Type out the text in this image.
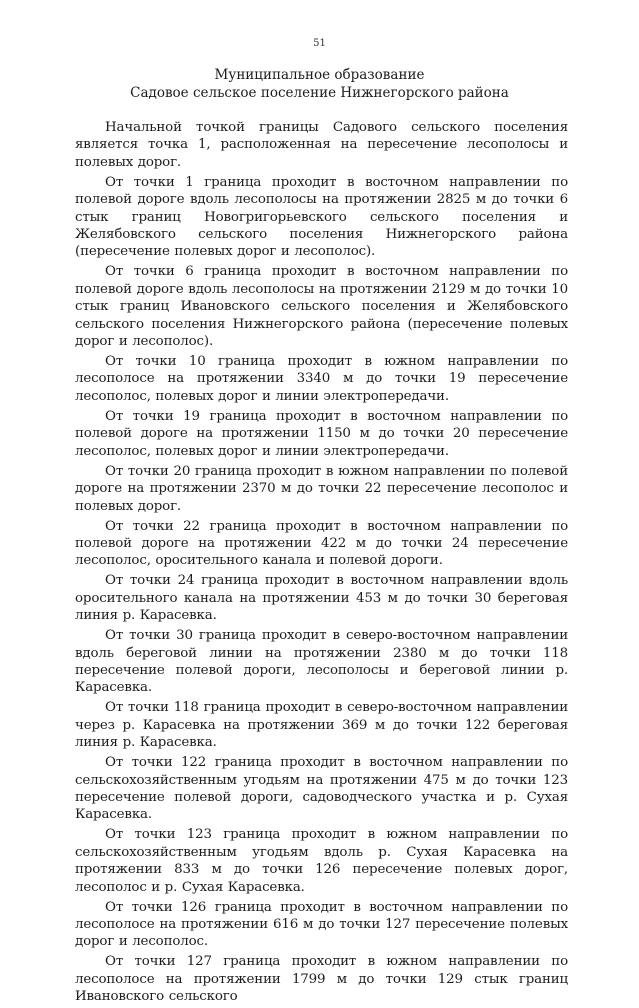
51
Муниципальное образование
Садовое сельское поселение Нижнегорского района

Начальной точкой границы Садового сельского поселения является точка 1, расположенная на пересечение лесополосы и полевых дорог.

От точки 1 граница проходит в восточном направлении по полевой дороге вдоль лесополосы на протяжении 2825 м до точки 6 стык границ Новогригорьевского сельского поселения и Желябовского сельского поселения Нижнегорского района (пересечение полевых дорог и лесополос).

От точки 6 граница проходит в восточном направлении по полевой дороге вдоль лесополосы на протяжении 2129 м до точки 10 стык границ Ивановского сельского поселения и Желябовского сельского поселения Нижнегорского района (пересечение полевых дорог и лесополос).

От точки 10 граница проходит в южном направлении по лесополосе на протяжении 3340 м до точки 19 пересечение лесополос, полевых дорог и линии электропередачи.

От точки 19 граница проходит в восточном направлении по полевой дороге на протяжении 1150 м до точки 20 пересечение лесополос, полевых дорог и линии электропередачи.

От точки 20 граница проходит в южном направлении по полевой дороге на протяжении 2370 м до точки 22 пересечение лесополос и полевых дорог.

От точки 22 граница проходит в восточном направлении по полевой дороге на протяжении 422 м до точки 24 пересечение лесополос, оросительного канала и полевой дороги.

От точки 24 граница проходит в восточном направлении вдоль оросительного канала на протяжении 453 м до точки 30 береговая линия р. Карасевка.

От точки 30 граница проходит в северо-восточном направлении вдоль береговой линии на протяжении 2380 м до точки 118 пересечение полевой дороги, лесополосы и береговой линии р. Карасевка.

От точки 118 граница проходит в северо-восточном направлении через р. Карасевка на протяжении 369 м до точки 122 береговая линия р. Карасевка.

От точки 122 граница проходит в восточном направлении по сельскохозяйственным угодьям на протяжении 475 м до точки 123 пересечение полевой дороги, садоводческого участка и р. Сухая Карасевка.

От точки 123 граница проходит в южном направлении по сельскохозяйственным угодьям вдоль р. Сухая Карасевка на протяжении 833 м до точки 126 пересечение полевых дорог, лесополос и р. Сухая Карасевка.

От точки 126 граница проходит в восточном направлении по лесополосе на протяжении 616 м до точки 127 пересечение полевых дорог и лесополос.

От точки 127 граница проходит в южном направлении по лесополосе на протяжении 1799 м до точки 129 стык границ Ивановского сельского
